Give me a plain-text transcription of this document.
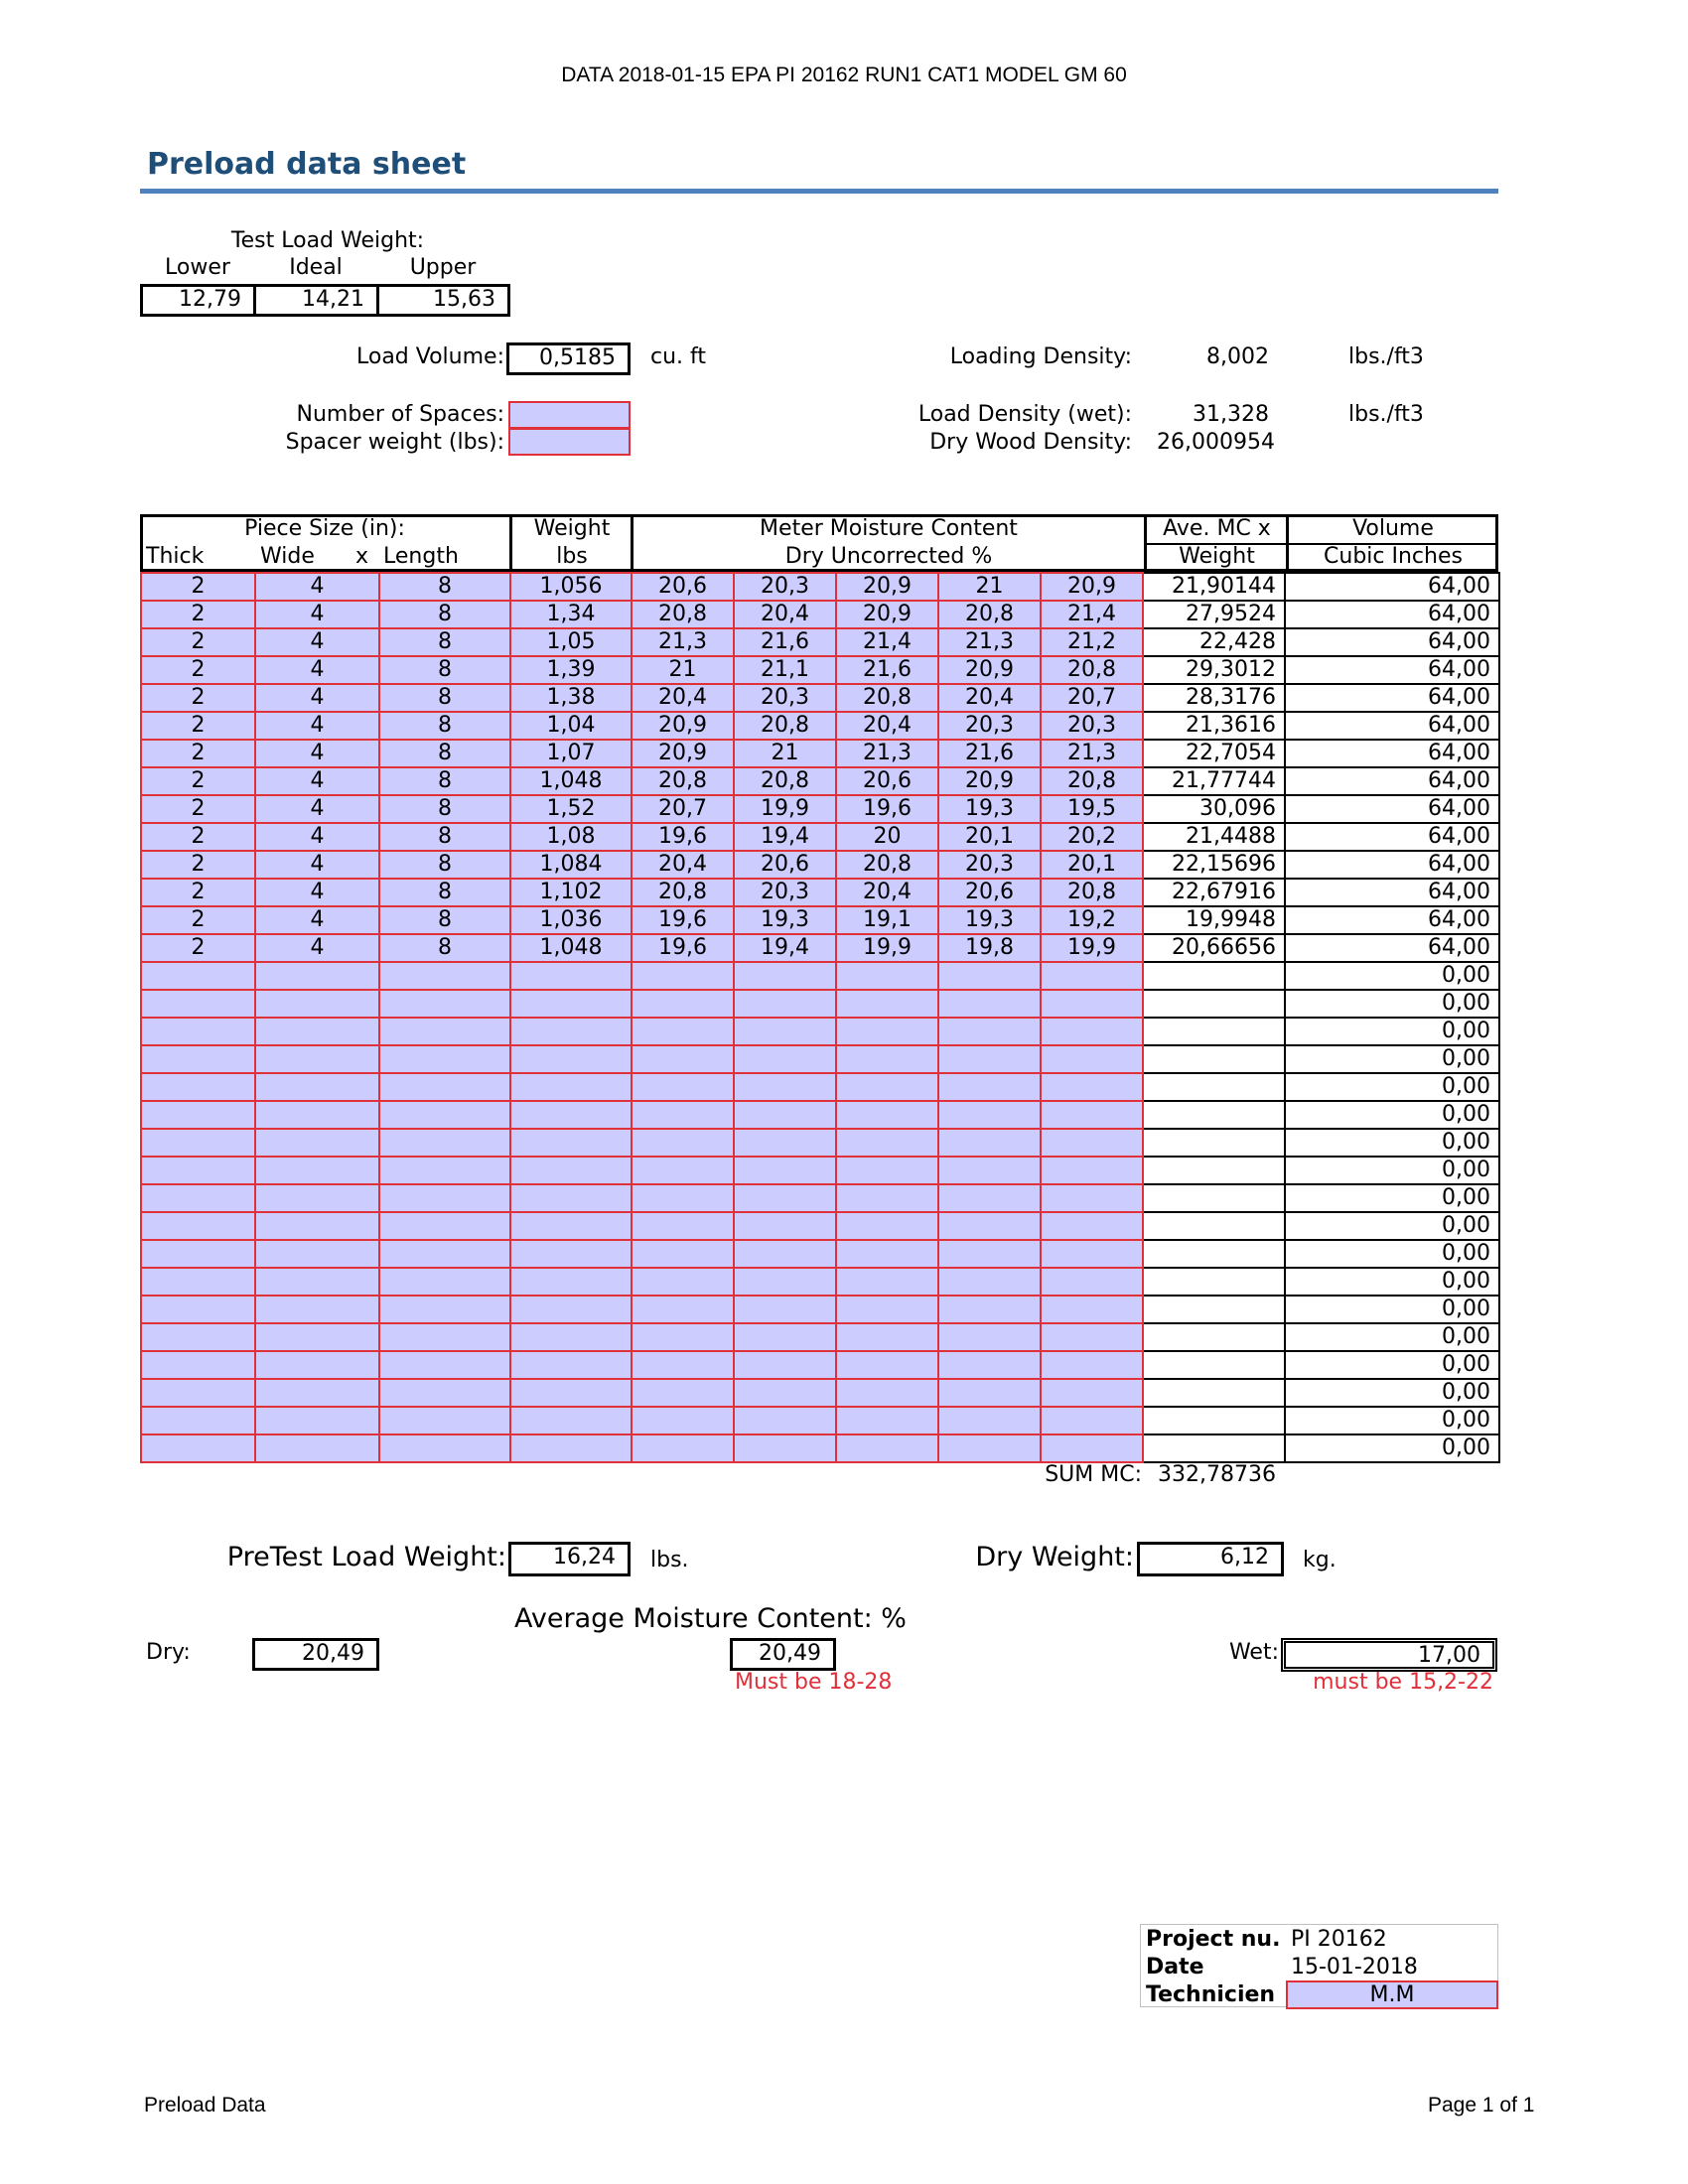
DATA 2018-01-15 EPA PI 20162 RUN1 CAT1 MODEL GM 60
Preload data sheet
Test Load Weight:
Lower	Ideal	Upper
12,79	14,21	15,63
Load Volume:	0,5185	cu. ft
Number of Spaces:
Spacer weight (lbs):
Loading Density:	8,002	lbs./ft3
Load Density (wet):	31,328	lbs./ft3
Dry Wood Density: 26,000954
Piece Size (in):
Thick	Wide x Length
Weight
lbs
Meter Moisture Content
Dry Uncorrected %
Ave. MC x
Weight
Volume
Cubic Inches
2	4	8	1,056	20,6	20,3	20,9	21	20,9	21,90144	64,00
2	4	8	1,34	20,8	20,4	20,9	20,8	21,4	27,9524	64,00
2	4	8	1,05	21,3	21,6	21,4	21,3	21,2	22,428	64,00
2	4	8	1,39	21	21,1	21,6	20,9	20,8	29,3012	64,00
2	4	8	1,38	20,4	20,3	20,8	20,4	20,7	28,3176	64,00
2	4	8	1,04	20,9	20,8	20,4	20,3	20,3	21,3616	64,00
2	4	8	1,07	20,9	21	21,3	21,6	21,3	22,7054	64,00
2	4	8	1,048	20,8	20,8	20,6	20,9	20,8	21,77744	64,00
2	4	8	1,52	20,7	19,9	19,6	19,3	19,5	30,096	64,00
2	4	8	1,08	19,6	19,4	20	20,1	20,2	21,4488	64,00
2	4	8	1,084	20,4	20,6	20,8	20,3	20,1	22,15696	64,00
2	4	8	1,102	20,8	20,3	20,4	20,6	20,8	22,67916	64,00
2	4	8	1,036	19,6	19,3	19,1	19,3	19,2	19,9948	64,00
2	4	8	1,048	19,6	19,4	19,9	19,8	19,9	20,66656	64,00
										0,00
										0,00
										0,00
										0,00
										0,00
										0,00
										0,00
										0,00
										0,00
										0,00
										0,00
										0,00
										0,00
										0,00
										0,00
										0,00
										0,00
										0,00
SUM MC: 332,78736
PreTest Load Weight:	16,24	lbs.	Dry Weight:	6,12	kg.
Average Moisture Content: %
Dry:	20,49	20,49
Must be 18-28
Wet:	17,00
must be 15,2-22
Project nu. PI 20162
Date	15-01-2018
Technicien	M.M
Preload Data	Page 1 of 1
